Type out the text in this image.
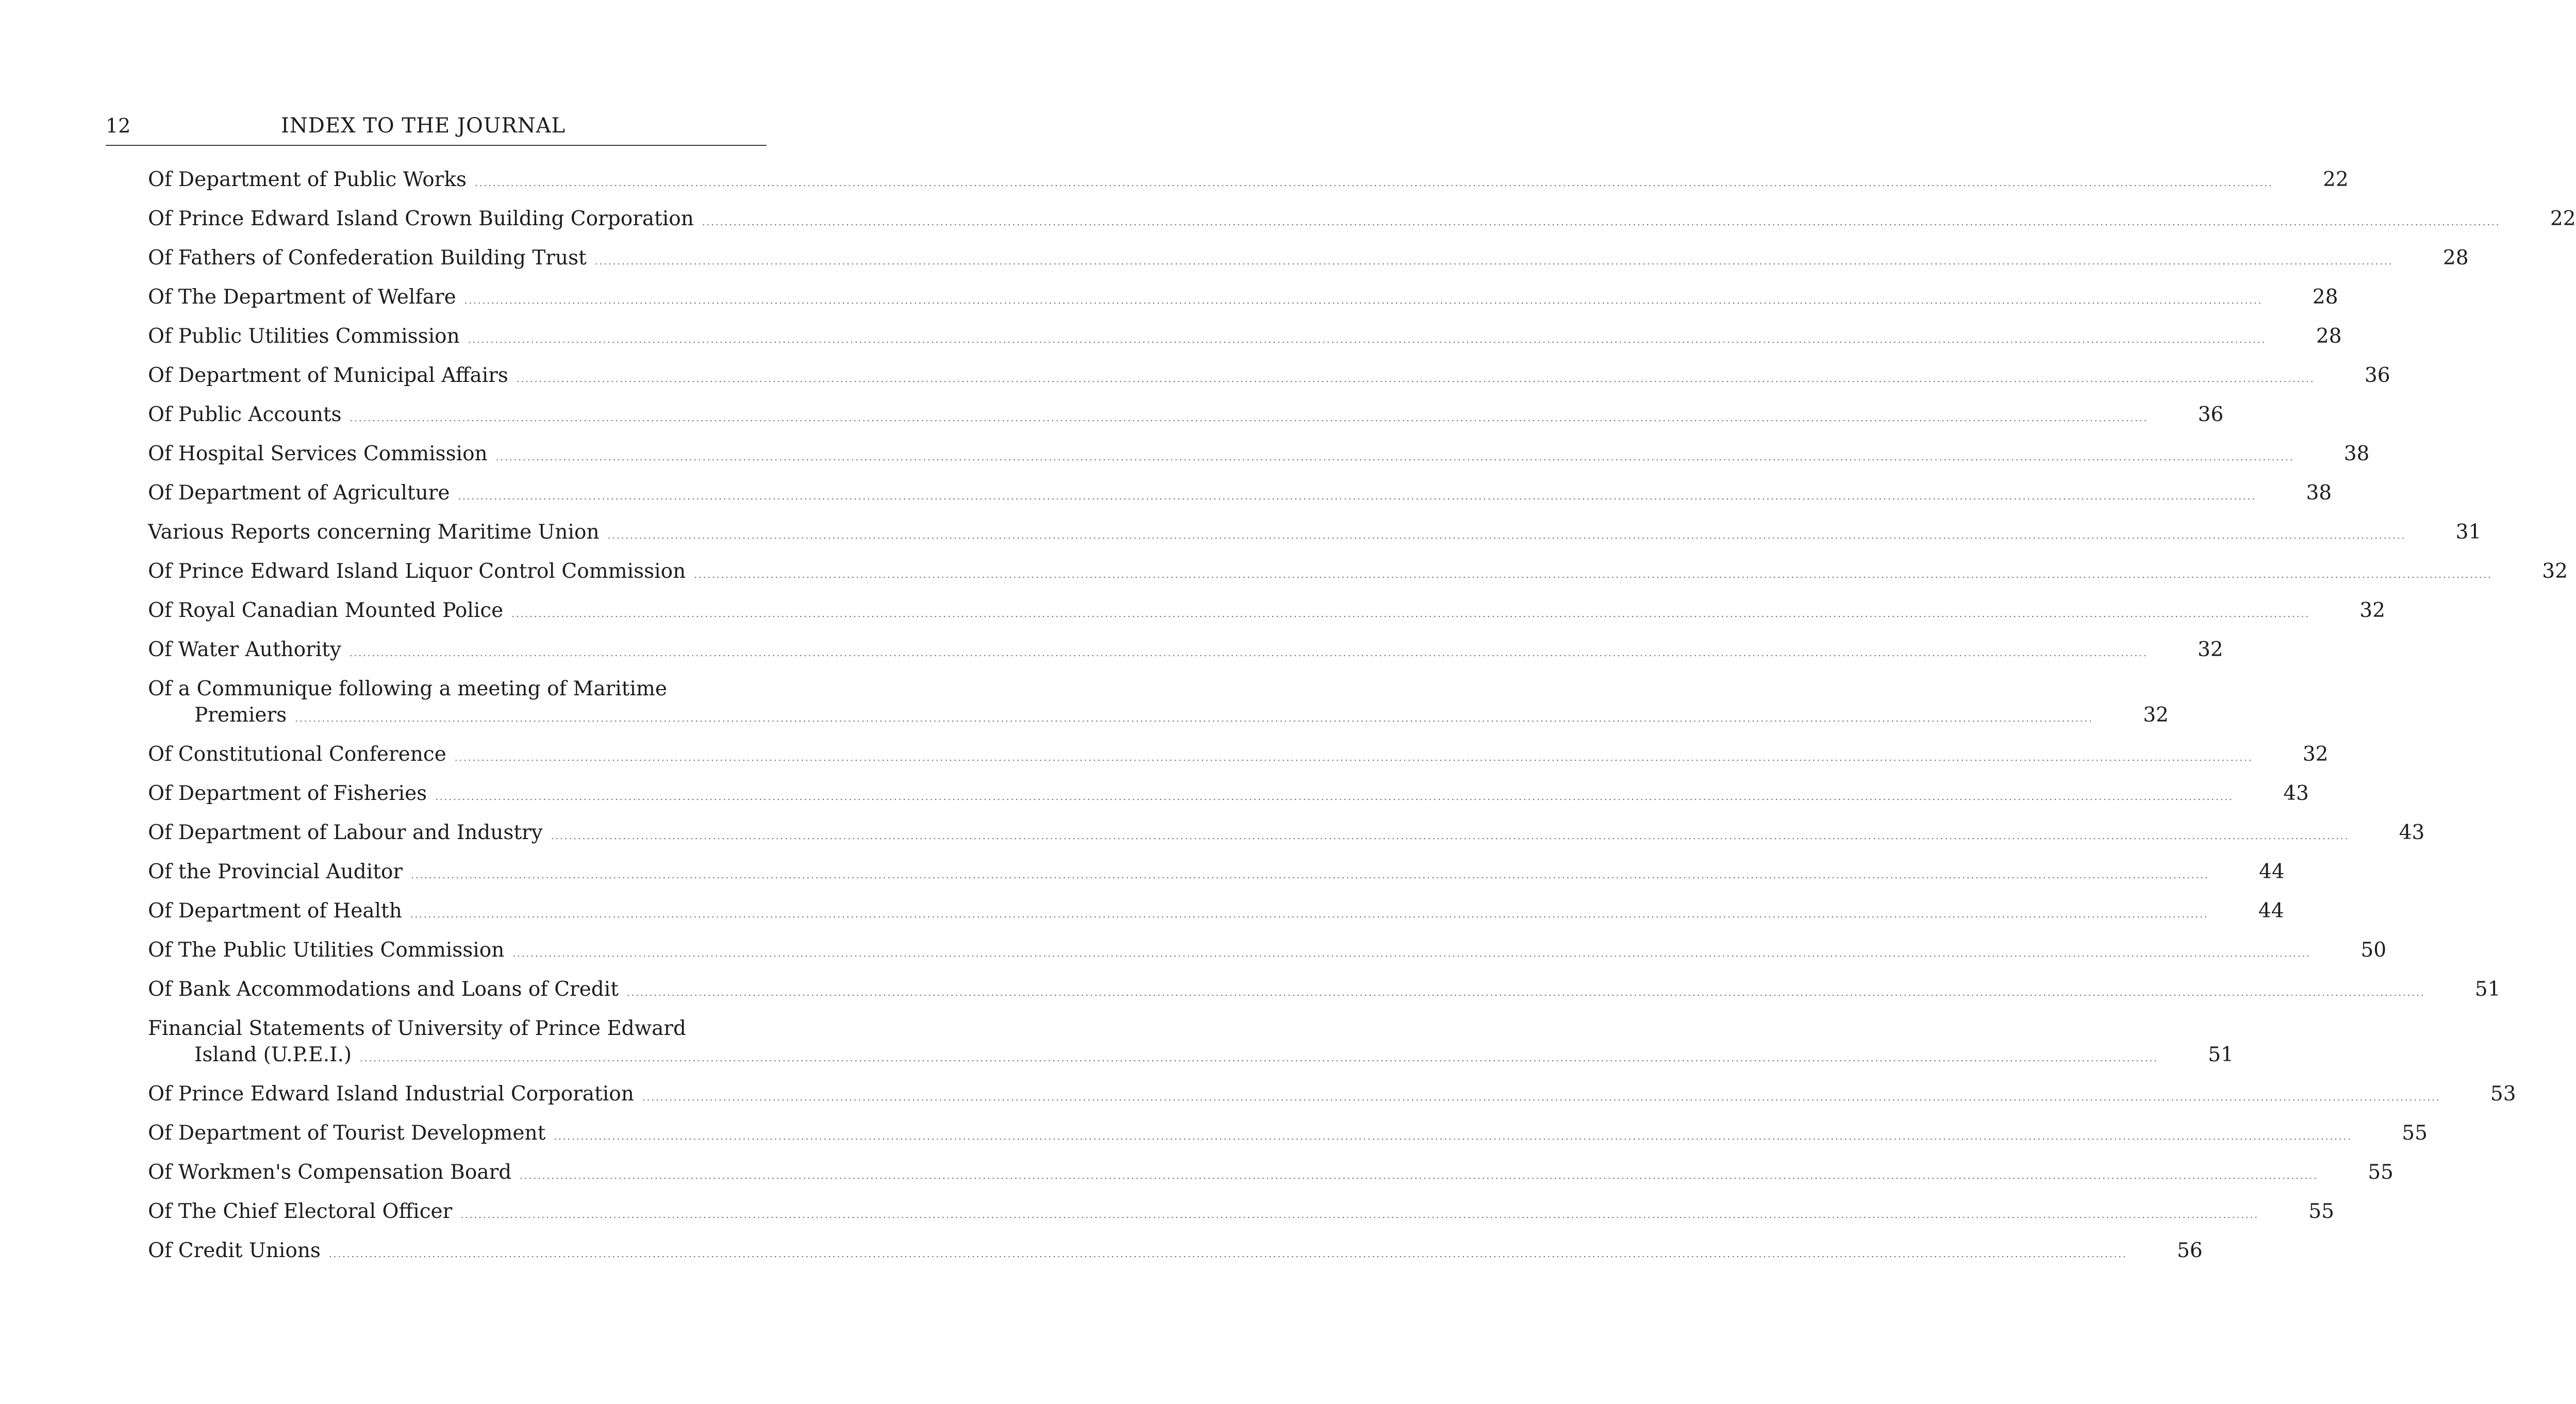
12	INDEX TO THE JOURNAL
Of Department of Public Works ................................................................................................................................................................................................................................................................................................................................................................................................................ 22
Of Prince Edward Island Crown Building Corporation ................................................................................................................................................................................................................................................................................................................................................................................................................ 22
Of Fathers of Confederation Building Trust ................................................................................................................................................................................................................................................................................................................................................................................................................ 28
Of The Department of Welfare ................................................................................................................................................................................................................................................................................................................................................................................................................ 28
Of Public Utilities Commission ................................................................................................................................................................................................................................................................................................................................................................................................................ 28
Of Department of Municipal Affairs ................................................................................................................................................................................................................................................................................................................................................................................................................ 36
Of Public Accounts ................................................................................................................................................................................................................................................................................................................................................................................................................ 36
Of Hospital Services Commission ................................................................................................................................................................................................................................................................................................................................................................................................................ 38
Of Department of Agriculture ................................................................................................................................................................................................................................................................................................................................................................................................................ 38
Various Reports concerning Maritime Union ................................................................................................................................................................................................................................................................................................................................................................................................................ 31
Of Prince Edward Island Liquor Control Commission ................................................................................................................................................................................................................................................................................................................................................................................................................ 32
Of Royal Canadian Mounted Police ................................................................................................................................................................................................................................................................................................................................................................................................................ 32
Of Water Authority ................................................................................................................................................................................................................................................................................................................................................................................................................ 32
Of a Communique following a meeting of Maritime
Premiers ................................................................................................................................................................................................................................................................................................................................................................................................................ 32
Of Constitutional Conference ................................................................................................................................................................................................................................................................................................................................................................................................................ 32
Of Department of Fisheries ................................................................................................................................................................................................................................................................................................................................................................................................................ 43
Of Department of Labour and Industry ................................................................................................................................................................................................................................................................................................................................................................................................................ 43
Of the Provincial Auditor ................................................................................................................................................................................................................................................................................................................................................................................................................ 44
Of Department of Health ................................................................................................................................................................................................................................................................................................................................................................................................................ 44
Of The Public Utilities Commission ................................................................................................................................................................................................................................................................................................................................................................................................................ 50
Of Bank Accommodations and Loans of Credit ................................................................................................................................................................................................................................................................................................................................................................................................................ 51
Financial Statements of University of Prince Edward
Island (U.P.E.I.) ................................................................................................................................................................................................................................................................................................................................................................................................................ 51
Of Prince Edward Island Industrial Corporation ................................................................................................................................................................................................................................................................................................................................................................................................................ 53
Of Department of Tourist Development ................................................................................................................................................................................................................................................................................................................................................................................................................ 55
Of Workmen's Compensation Board ................................................................................................................................................................................................................................................................................................................................................................................................................ 55
Of The Chief Electoral Officer ................................................................................................................................................................................................................................................................................................................................................................................................................ 55
Of Credit Unions ................................................................................................................................................................................................................................................................................................................................................................................................................ 56
